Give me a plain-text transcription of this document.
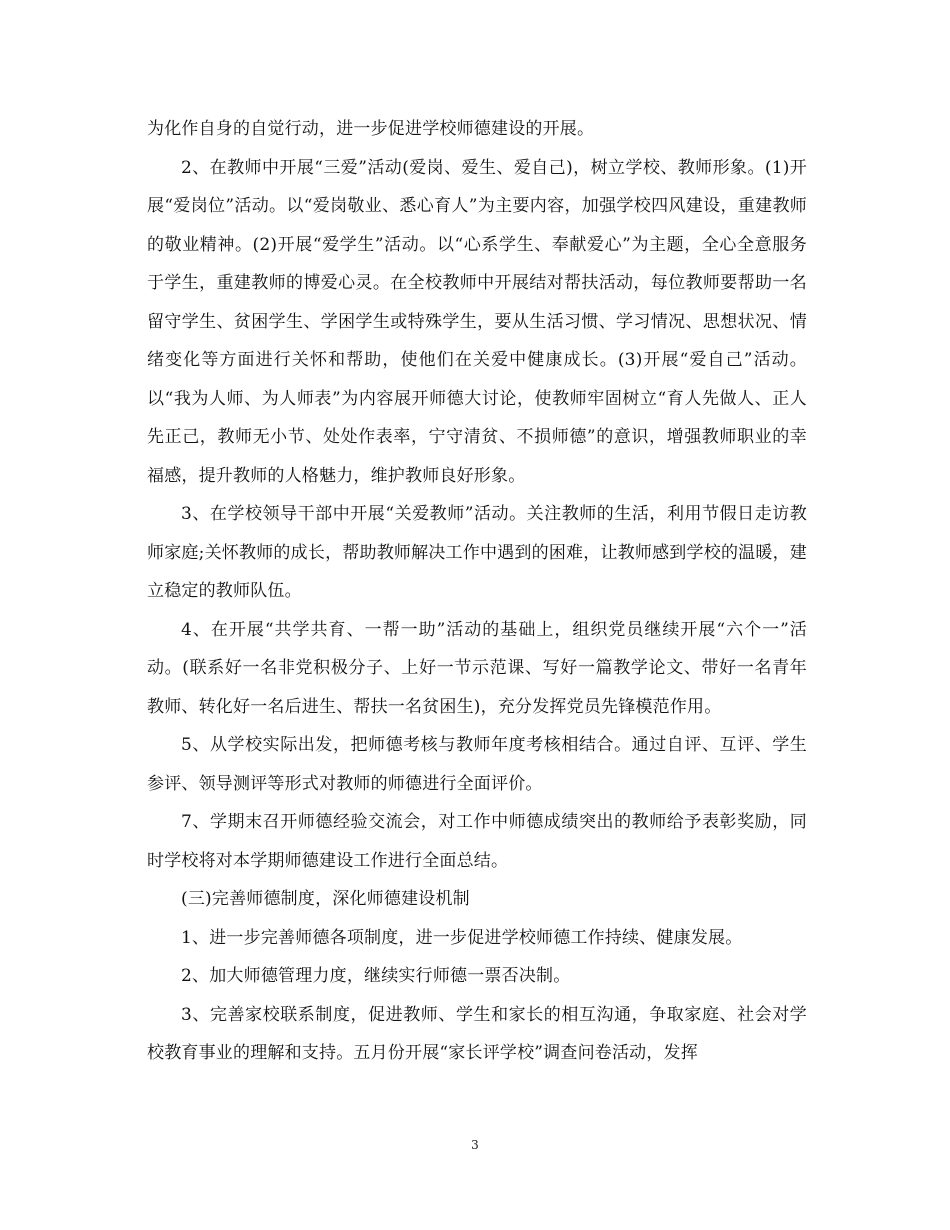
为化作自身的自觉行动，进一步促进学校师德建设的开展。

2、在教师中开展“三爱”活动(爱岗、爱生、爱自己)，树立学校、教师形象。(1)开展“爱岗位”活动。以“爱岗敬业、悉心育人”为主要内容，加强学校四风建设，重建教师的敬业精神。(2)开展“爱学生”活动。以“心系学生、奉献爱心”为主题，全心全意服务于学生，重建教师的博爱心灵。在全校教师中开展结对帮扶活动，每位教师要帮助一名留守学生、贫困学生、学困学生或特殊学生，要从生活习惯、学习情况、思想状况、情绪变化等方面进行关怀和帮助，使他们在关爱中健康成长。(3)开展“爱自己”活动。以“我为人师、为人师表”为内容展开师德大讨论，使教师牢固树立“育人先做人、正人先正己，教师无小节、处处作表率，宁守清贫、不损师德”的意识，增强教师职业的幸福感，提升教师的人格魅力，维护教师良好形象。

3、在学校领导干部中开展“关爱教师”活动。关注教师的生活，利用节假日走访教师家庭;关怀教师的成长，帮助教师解决工作中遇到的困难，让教师感到学校的温暖，建立稳定的教师队伍。

4、在开展“共学共育、一帮一助”活动的基础上，组织党员继续开展“六个一”活动。(联系好一名非党积极分子、上好一节示范课、写好一篇教学论文、带好一名青年教师、转化好一名后进生、帮扶一名贫困生)，充分发挥党员先锋模范作用。

5、从学校实际出发，把师德考核与教师年度考核相结合。通过自评、互评、学生参评、领导测评等形式对教师的师德进行全面评价。

7、学期末召开师德经验交流会，对工作中师德成绩突出的教师给予表彰奖励，同时学校将对本学期师德建设工作进行全面总结。

(三)完善师德制度，深化师德建设机制

1、进一步完善师德各项制度，进一步促进学校师德工作持续、健康发展。

2、加大师德管理力度，继续实行师德一票否决制。

3、完善家校联系制度，促进教师、学生和家长的相互沟通，争取家庭、社会对学校教育事业的理解和支持。五月份开展“家长评学校”调查问卷活动，发挥

3
